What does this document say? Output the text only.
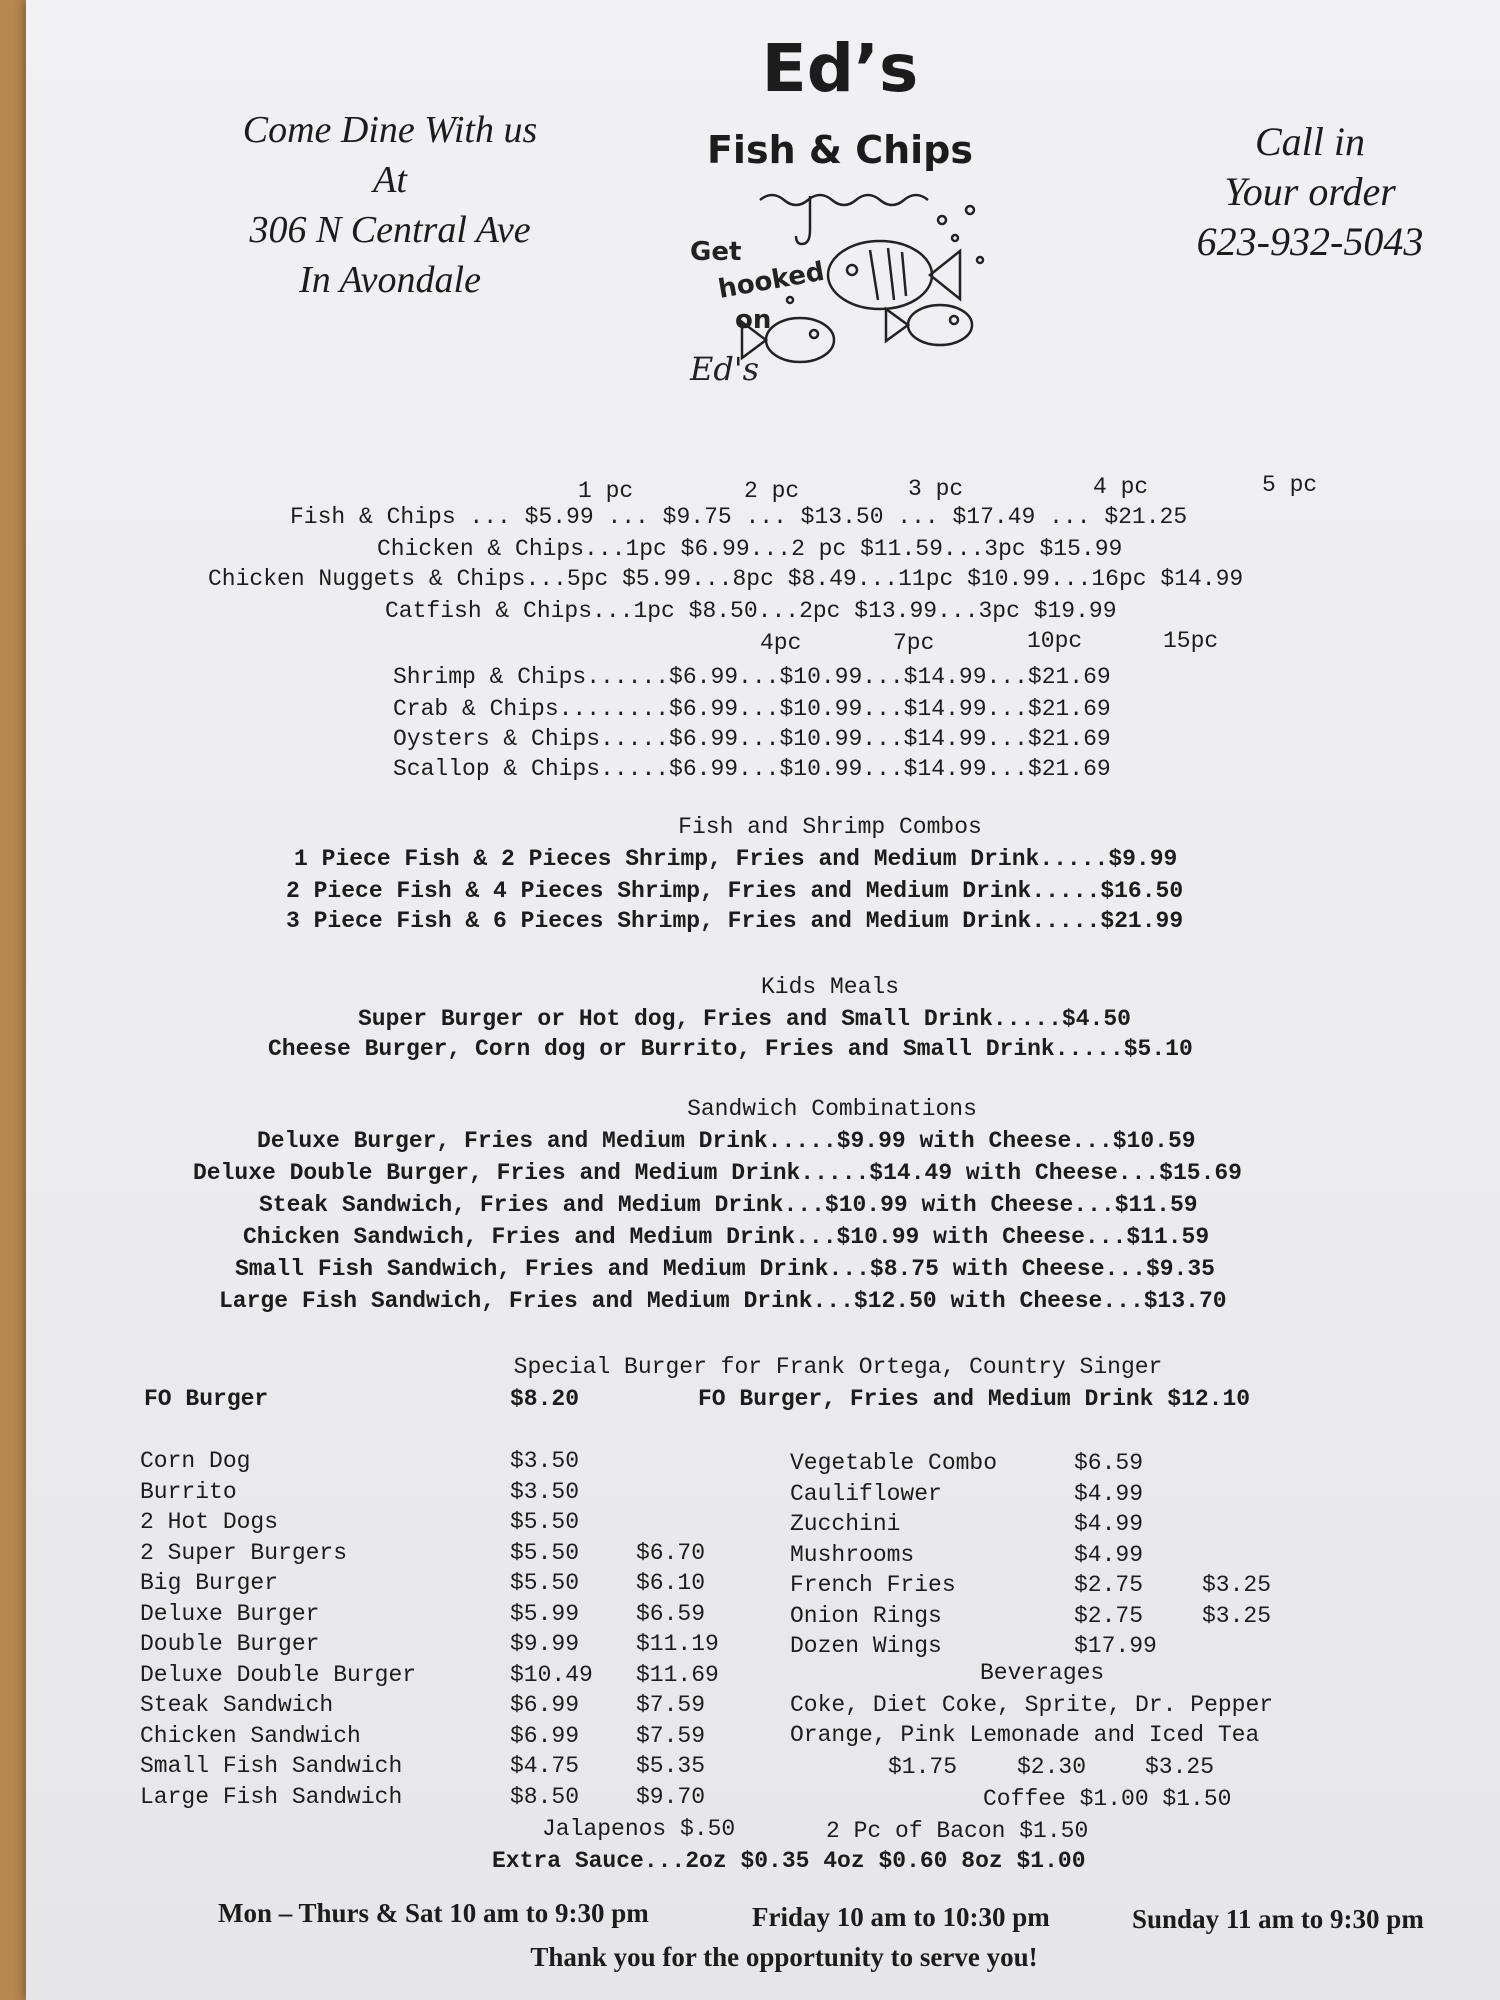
Come Dine With us
At
306 N Central Ave
In Avondale
Ed’s
Fish & Chips
Get
hooked
on
Ed's
Call in
Your order
623-932-5043
1 pc	2 pc	3 pc	4 pc	5 pc
Fish & Chips ... $5.99 ... $9.75 ... $13.50 ... $17.49 ... $21.25
Chicken & Chips...1pc $6.99...2 pc $11.59...3pc $15.99
Chicken Nuggets & Chips...5pc $5.99...8pc $8.49...11pc $10.99...16pc $14.99
Catfish & Chips...1pc $8.50...2pc $13.99...3pc $19.99
4pc	7pc	10pc	15pc
Shrimp & Chips......$6.99...$10.99...$14.99...$21.69
Crab & Chips........$6.99...$10.99...$14.99...$21.69
Oysters & Chips.....$6.99...$10.99...$14.99...$21.69
Scallop & Chips.....$6.99...$10.99...$14.99...$21.69
Fish and Shrimp Combos
1 Piece Fish & 2 Pieces Shrimp, Fries and Medium Drink.....$9.99
2 Piece Fish & 4 Pieces Shrimp, Fries and Medium Drink.....$16.50
3 Piece Fish & 6 Pieces Shrimp, Fries and Medium Drink.....$21.99
Kids Meals
Super Burger or Hot dog, Fries and Small Drink.....$4.50
Cheese Burger, Corn dog or Burrito, Fries and Small Drink.....$5.10
Sandwich Combinations
Deluxe Burger, Fries and Medium Drink.....$9.99 with Cheese...$10.59
Deluxe Double Burger, Fries and Medium Drink.....$14.49 with Cheese...$15.69
Steak Sandwich, Fries and Medium Drink...$10.99 with Cheese...$11.59
Chicken Sandwich, Fries and Medium Drink...$10.99 with Cheese...$11.59
Small Fish Sandwich, Fries and Medium Drink...$8.75 with Cheese...$9.35
Large Fish Sandwich, Fries and Medium Drink...$12.50 with Cheese...$13.70
Special Burger for Frank Ortega, Country Singer
FO Burger	$8.20	FO Burger, Fries and Medium Drink $12.10
Corn Dog	$3.50
Burrito	$3.50
2 Hot Dogs	$5.50
2 Super Burgers	$5.50 $6.70
Big Burger	$5.50 $6.10
Deluxe Burger	$5.99 $6.59
Double Burger	$9.99 $11.19
Deluxe Double Burger	$10.49 $11.69
Steak Sandwich	$6.99 $7.59
Chicken Sandwich	$6.99 $7.59
Small Fish Sandwich	$4.75 $5.35
Large Fish Sandwich	$8.50 $9.70
Vegetable Combo	$6.59
Cauliflower	$4.99
Zucchini	$4.99
Mushrooms	$4.99
French Fries	$2.75	$3.25
Onion Rings	$2.75	$3.25
Dozen Wings	$17.99
Beverages
Coke, Diet Coke, Sprite, Dr. Pepper
Orange, Pink Lemonade and Iced Tea
$1.75	$2.30	$3.25
Coffee $1.00 $1.50
Jalapenos $.50	2 Pc of Bacon $1.50
Extra Sauce...2oz $0.35 4oz $0.60 8oz $1.00
Mon – Thurs & Sat 10 am to 9:30 pm	Friday 10 am to 10:30 pm	Sunday 11 am to 9:30 pm
Thank you for the opportunity to serve you!
